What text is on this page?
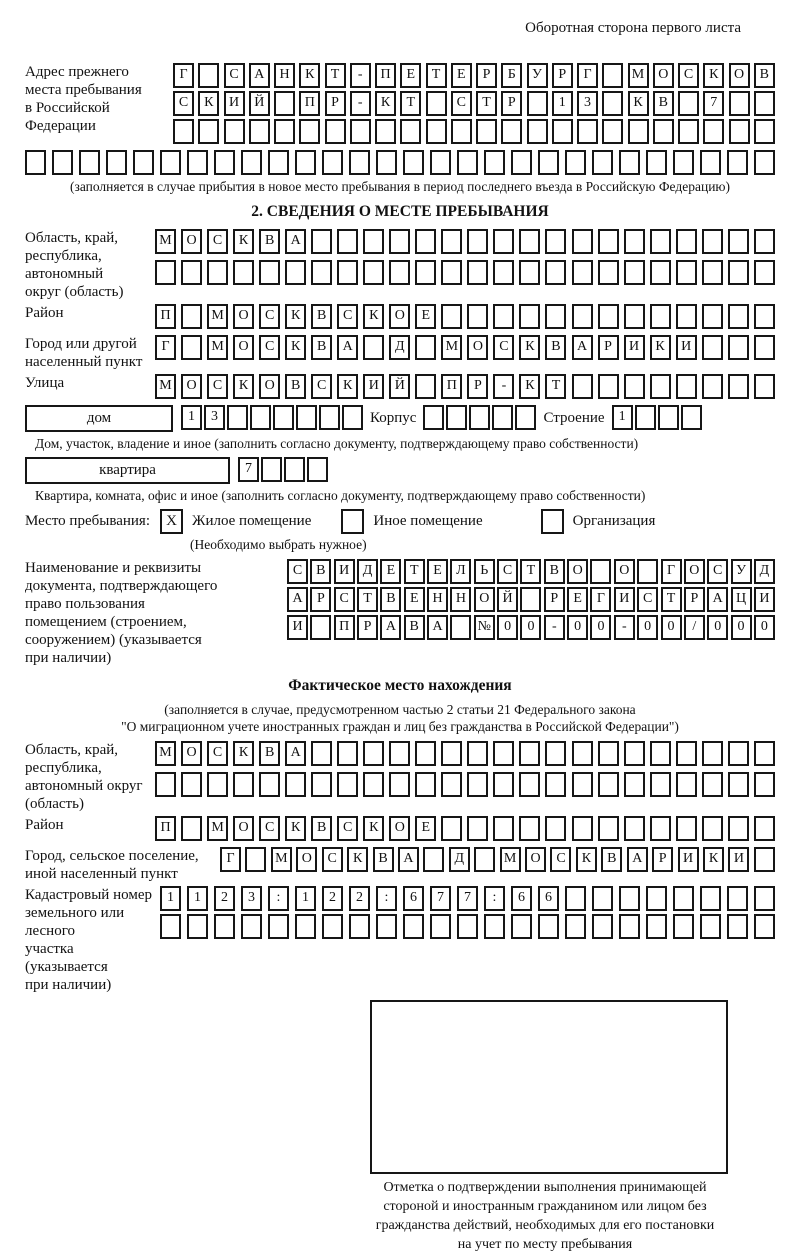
Оборотная сторона первого листа
Адрес прежнего
места пребывания
в Российской
Федерации
Г	С	А	Н	К	Т	-	П	Е	Т	Е	Р	Б	У	Р	Г	М О	С	К	О	В
С	К	И	Й	П	Р	-	К	Т	С	Т	Р	1	3	К	В	7
(заполняется в случае прибытия в новое место пребывания в период последнего въезда в Российскую Федерацию)
2. СВЕДЕНИЯ О МЕСТЕ ПРЕБЫВАНИЯ
Область, край,
республика,
автономный
округ (область)
М	О	С	К	В	А
Район	П	М	О	С	К	В	С	К	О	Е
Город или другой
населенный пункт
Г	М	О	С	К	В	А	Д	М	О	С	К	В	А	Р	И	К	И
Улица	М	О	С	К	О	В	С	К	И	Й	П	Р	-	К	Т
дом	1	3	Корпус	Строение	1
Дом, участок, владение и иное (заполнить согласно документу, подтверждающему право собственности)
квартира	7
Квартира, комната, офис и иное (заполнить согласно документу, подтверждающему право собственности)
Место пребывания:	X	Жилое помещение	Иное помещение	Организация
(Необходимо выбрать нужное)
Наименование и реквизиты
документа, подтверждающего
право пользования
помещением (строением,
сооружением) (указывается
при наличии)
С	В И Д	Е	Т	Е	Л	Ь	С	Т	В О	О	Г	О С У Д
А	Р	С	Т	В	Е	Н Н О Й	Р	Е	Г	И С	Т	Р	А Ц И
И	П	Р	А В А	№ 0	0	-	0	0	-	0	0	/	0	0	0
Фактическое место нахождения
(заполняется в случае, предусмотренном частью 2 статьи 21 Федерального закона
"О миграционном учете иностранных граждан и лиц без гражданства в Российской Федерации")
Область, край,
республика,
автономный округ
(область)
М	О	С	К	В	А
Район	П	М	О	С	К	В	С	К	О	Е
Город, сельское поселение,
иной населенный пункт
Г	М	О	С	К	В	А	Д	М	О	С	К	В	А	Р	И	К	И
Кадастровый номер
земельного или лесного
участка (указывается
при наличии)
1	1	2	3	:	1	2	2	:	6	7	7	:	6	6
Отметка о подтверждении выполнения принимающей
стороной и иностранным гражданином или лицом без
гражданства действий, необходимых для его постановки
на учет по месту пребывания
